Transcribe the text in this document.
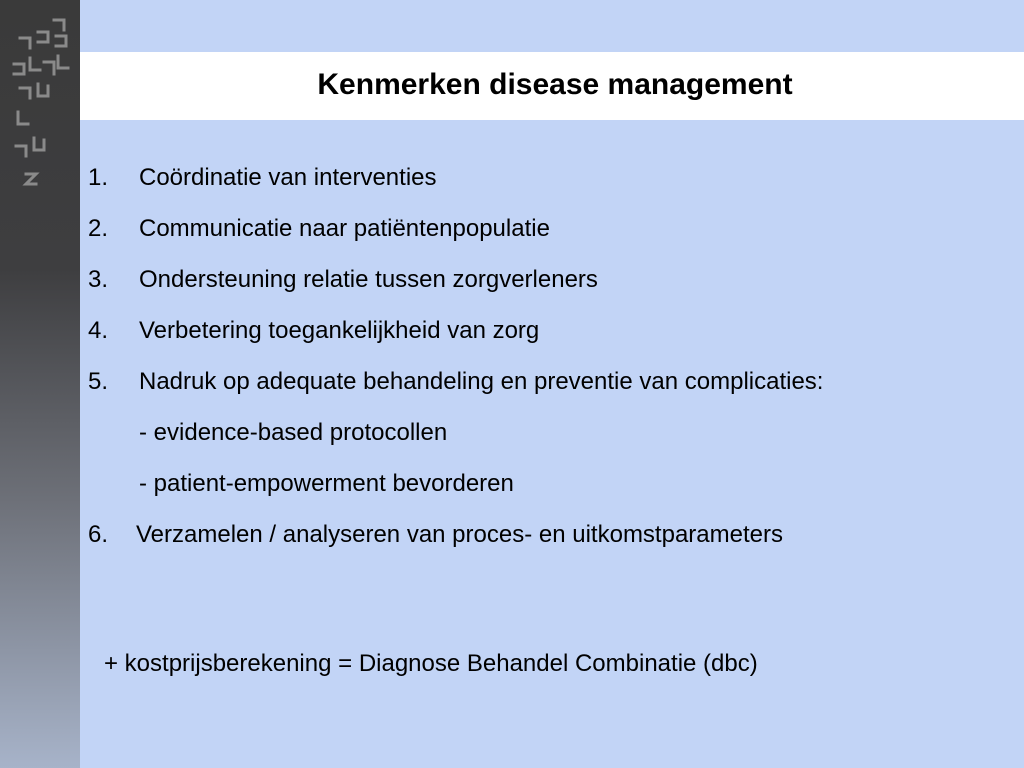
Kenmerken disease management
1. Coördinatie van interventies
2. Communicatie naar patiëntenpopulatie
3. Ondersteuning relatie tussen zorgverleners
4. Verbetering toegankelijkheid van zorg
5. Nadruk op adequate behandeling en preventie van complicaties:
- evidence-based protocollen
- patient-empowerment bevorderen
6. Verzamelen / analyseren van proces- en uitkomstparameters
+ kostprijsberekening = Diagnose Behandel Combinatie (dbc)
